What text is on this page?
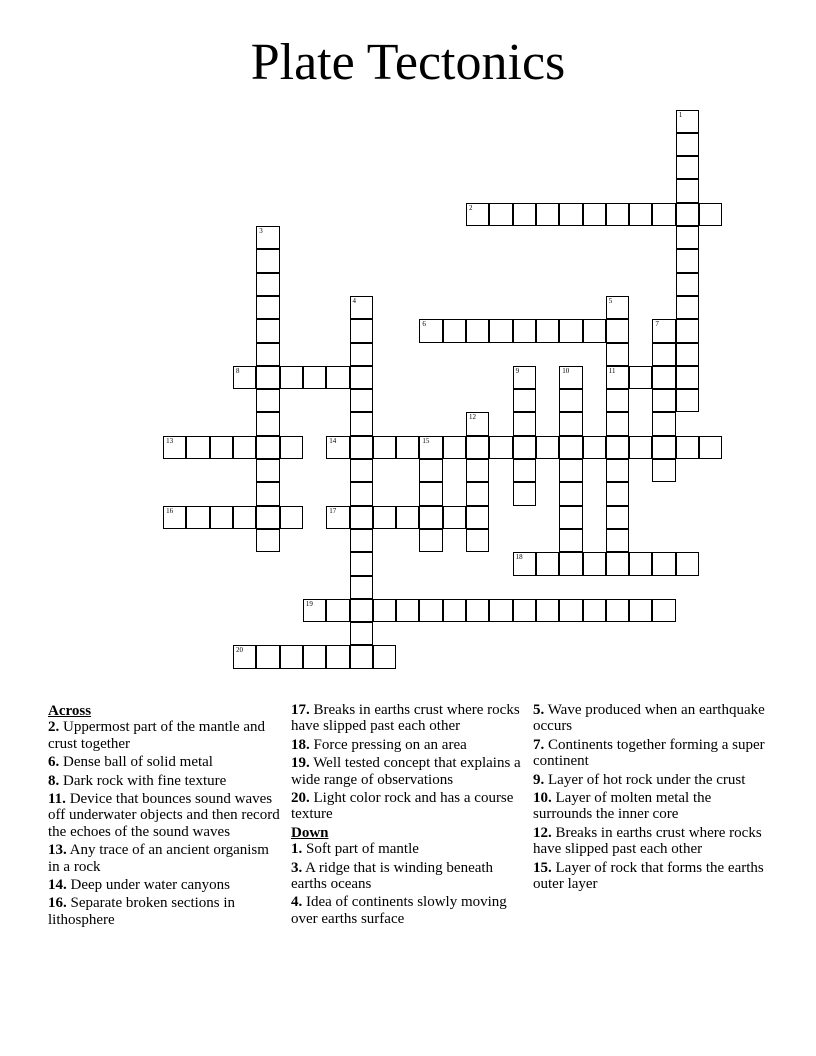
Plate Tectonics
1
2
3
4	5
11
6	7
8	9	10
12
13	14	15
16	17
18
19
20
Across
2. Uppermost part of the mantle and crust together
6. Dense ball of solid metal
8. Dark rock with fine texture
11. Device that bounces sound waves off underwater objects and then record the echoes of the sound waves
13. Any trace of an ancient organism in a rock
14. Deep under water canyons
16. Separate broken sections in lithosphere
17. Breaks in earths crust where rocks have slipped past each other
18. Force pressing on an area
19. Well tested concept that explains a wide range of observations
20. Light color rock and has a course texture
Down
1. Soft part of mantle
3. A ridge that is winding beneath earths oceans
4. Idea of continents slowly moving over earths surface
5. Wave produced when an earthquake occurs
7. Continents together forming a super continent
9. Layer of hot rock under the crust
10. Layer of molten metal the surrounds the inner core
12. Breaks in earths crust where rocks have slipped past each other
15. Layer of rock that forms the earths outer layer
